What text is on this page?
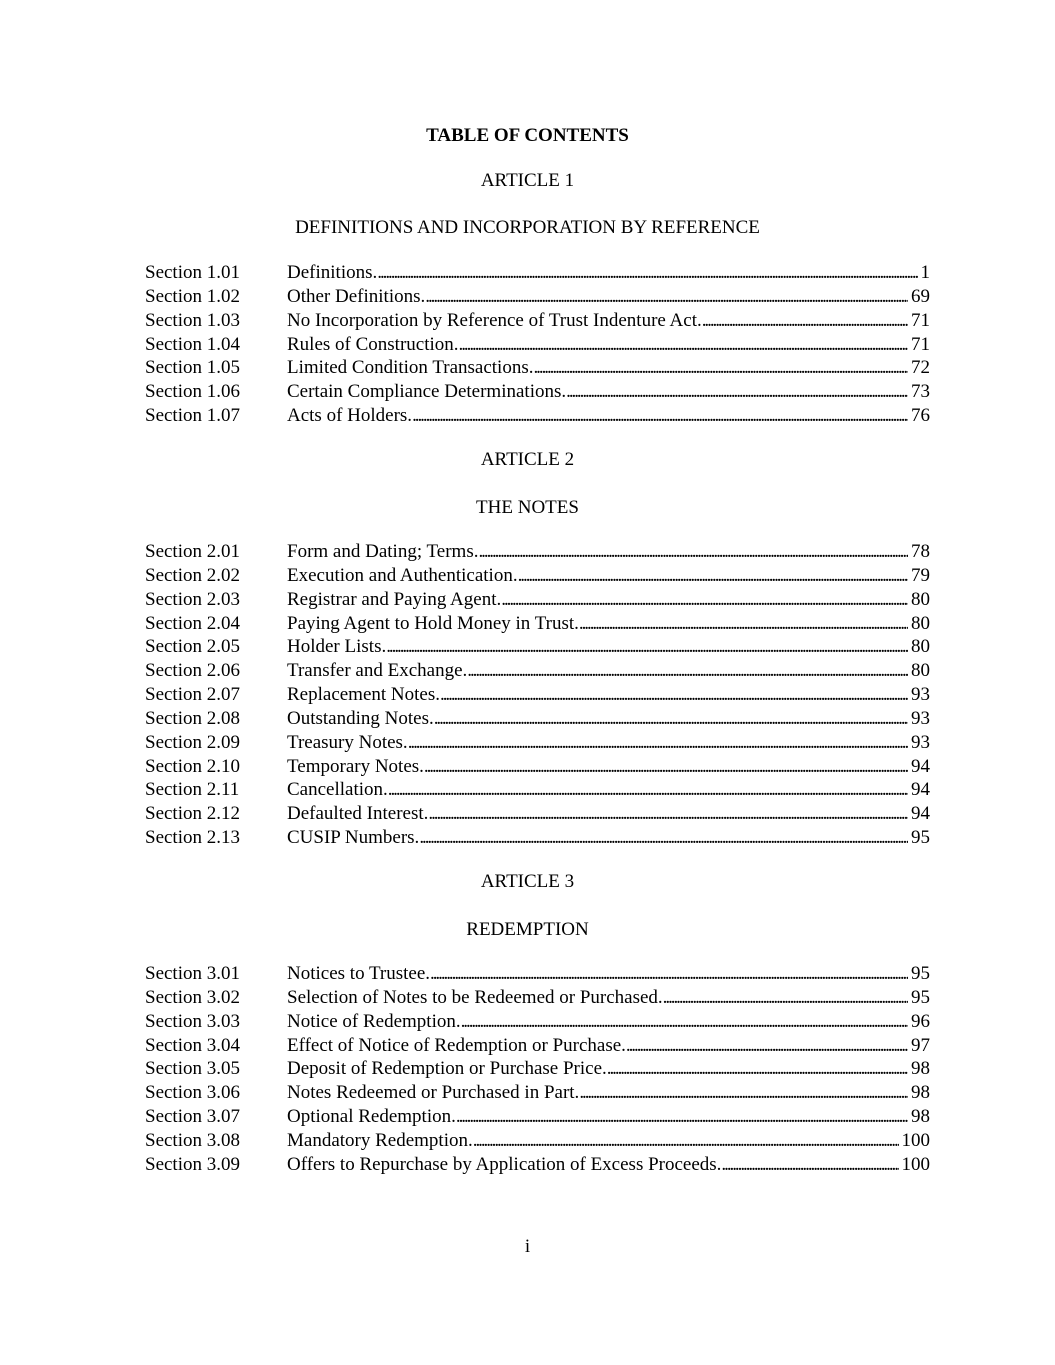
TABLE OF CONTENTS
ARTICLE 1
DEFINITIONS AND INCORPORATION BY REFERENCE
Section 1.01	Definitions. . . .	1
Section 1.02	Other Definitions. . . .	69
Section 1.03	No Incorporation by Reference of Trust Indenture Act. . . .	71
Section 1.04	Rules of Construction. . . .	71
Section 1.05	Limited Condition Transactions. . . .	72
Section 1.06	Certain Compliance Determinations. . . .	73
Section 1.07	Acts of Holders. . . .	76
ARTICLE 2
THE NOTES
Section 2.01	Form and Dating; Terms. . . .	78
Section 2.02	Execution and Authentication. . . .	79
Section 2.03	Registrar and Paying Agent. . . .	80
Section 2.04	Paying Agent to Hold Money in Trust. . . .	80
Section 2.05	Holder Lists. . . .	80
Section 2.06	Transfer and Exchange. . . .	80
Section 2.07	Replacement Notes. . . .	93
Section 2.08	Outstanding Notes. . . .	93
Section 2.09	Treasury Notes. . . .	93
Section 2.10	Temporary Notes. . . .	94
Section 2.11	Cancellation. . . .	94
Section 2.12	Defaulted Interest. . . .	94
Section 2.13	CUSIP Numbers. . . .	95
ARTICLE 3
REDEMPTION
Section 3.01	Notices to Trustee. . . .	95
Section 3.02	Selection of Notes to be Redeemed or Purchased. . . .	95
Section 3.03	Notice of Redemption. . . .	96
Section 3.04	Effect of Notice of Redemption or Purchase. . . .	97
Section 3.05	Deposit of Redemption or Purchase Price. . . .	98
Section 3.06	Notes Redeemed or Purchased in Part. . . .	98
Section 3.07	Optional Redemption. . . .	98
Section 3.08	Mandatory Redemption. . . .	100
Section 3.09	Offers to Repurchase by Application of Excess Proceeds. . . .	100
i
